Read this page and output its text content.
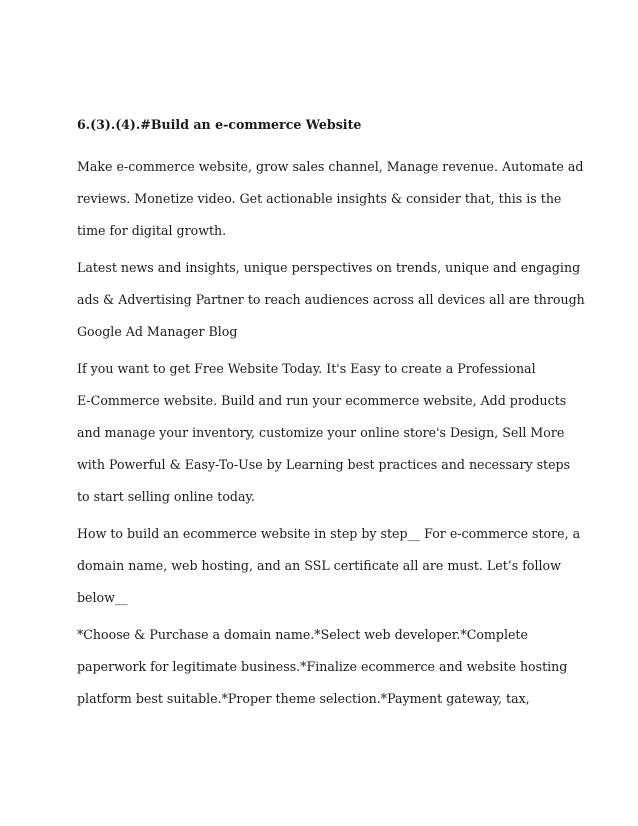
6.(3).(4).#Build an e-commerce Website

Make e-commerce website, grow sales channel, Manage revenue. Automate ad
reviews. Monetize video. Get actionable insights & consider that, this is the
time for digital growth.

Latest news and insights, unique perspectives on trends, unique and engaging
ads & Advertising Partner to reach audiences across all devices all are through
Google Ad Manager Blog

If you want to get Free Website Today. It's Easy to create a Professional
E-Commerce website. Build and run your ecommerce website, Add products
and manage your inventory, customize your online store's Design, Sell More
with Powerful & Easy-To-Use by Learning best practices and necessary steps
to start selling online today.

How to build an ecommerce website in step by step__ For e-commerce store, a
domain name, web hosting, and an SSL certificate all are must. Let’s follow
below__

*Choose & Purchase a domain name.*Select web developer.*Complete
paperwork for legitimate business.*Finalize ecommerce and website hosting
platform best suitable.*Proper theme selection.*Payment gateway, tax,
